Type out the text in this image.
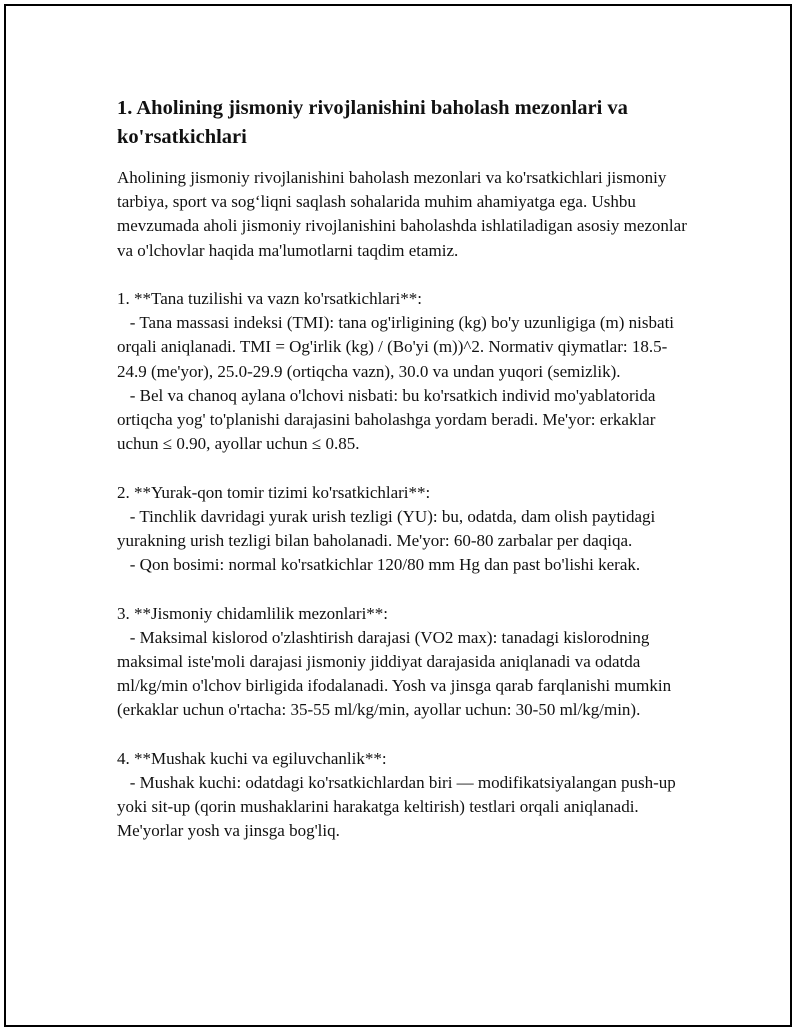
1. Aholining jismoniy rivojlanishini baholash mezonlari va ko'rsatkichlari

Aholining jismoniy rivojlanishini baholash mezonlari va ko'rsatkichlari jismoniy tarbiya, sport va sog‘liqni saqlash sohalarida muhim ahamiyatga ega. Ushbu mevzumada aholi jismoniy rivojlanishini baholashda ishlatiladigan asosiy mezonlar va o'lchovlar haqida ma'lumotlarni taqdim etamiz.

1. **Tana tuzilishi va vazn ko'rsatkichlari**:

- Tana massasi indeksi (TMI): tana og'irligining (kg) bo'y uzunligiga (m) nisbati orqali aniqlanadi. TMI = Og'irlik (kg) / (Bo'yi (m))^2. Normativ qiymatlar: 18.5-24.9 (me'yor), 25.0-29.9 (ortiqcha vazn), 30.0 va undan yuqori (semizlik).

- Bel va chanoq aylana o'lchovi nisbati: bu ko'rsatkich individ mo'yablatorida ortiqcha yog' to'planishi darajasini baholashga yordam beradi. Me'yor: erkaklar uchun ≤ 0.90, ayollar uchun ≤ 0.85.

2. **Yurak-qon tomir tizimi ko'rsatkichlari**:

- Tinchlik davridagi yurak urish tezligi (YU): bu, odatda, dam olish paytidagi yurakning urish tezligi bilan baholanadi. Me'yor: 60-80 zarbalar per daqiqa.

- Qon bosimi: normal ko'rsatkichlar 120/80 mm Hg dan past bo'lishi kerak.

3. **Jismoniy chidamlilik mezonlari**:

- Maksimal kislorod o'zlashtirish darajasi (VO2 max): tanadagi kislorodning maksimal iste'moli darajasi jismoniy jiddiyat darajasida aniqlanadi va odatda ml/kg/min o'lchov birligida ifodalanadi. Yosh va jinsga qarab farqlanishi mumkin (erkaklar uchun o'rtacha: 35-55 ml/kg/min, ayollar uchun: 30-50 ml/kg/min).

4. **Mushak kuchi va egiluvchanlik**:

- Mushak kuchi: odatdagi ko'rsatkichlardan biri — modifikatsiyalangan push-up yoki sit-up (qorin mushaklarini harakatga keltirish) testlari orqali aniqlanadi. Me'yorlar yosh va jinsga bog'liq.
